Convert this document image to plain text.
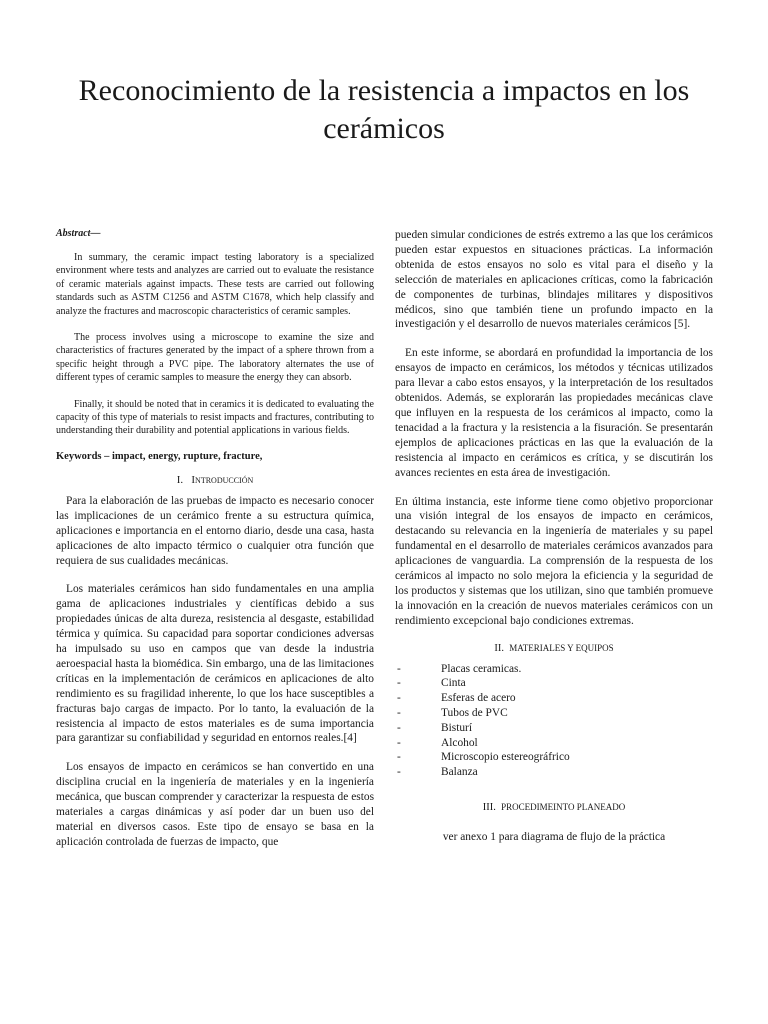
Reconocimiento de la resistencia a impactos en los cerámicos

Abstract—

In summary, the ceramic impact testing laboratory is a specialized environment where tests and analyzes are carried out to evaluate the resistance of ceramic materials against impacts. These tests are carried out following standards such as ASTM C1256 and ASTM C1678, which help classify and analyze the fractures and macroscopic characteristics of ceramic samples.

The process involves using a microscope to examine the size and characteristics of fractures generated by the impact of a sphere thrown from a specific height through a PVC pipe. The laboratory alternates the use of different types of ceramic samples to measure the energy they can absorb.

Finally, it should be noted that in ceramics it is dedicated to evaluating the capacity of this type of materials to resist impacts and fractures, contributing to understanding their durability and potential applications in various fields.

Keywords – impact, energy, rupture, fracture,

I. Introducción

Para la elaboración de las pruebas de impacto es necesario conocer las implicaciones de un cerámico frente a su estructura química, aplicaciones e importancia en el entorno diario, desde una casa, hasta aplicaciones de alto impacto térmico o cualquier otra función que requiera de sus cualidades mecánicas.

Los materiales cerámicos han sido fundamentales en una amplia gama de aplicaciones industriales y científicas debido a sus propiedades únicas de alta dureza, resistencia al desgaste, estabilidad térmica y química. Su capacidad para soportar condiciones adversas ha impulsado su uso en campos que van desde la industria aeroespacial hasta la biomédica. Sin embargo, una de las limitaciones críticas en la implementación de cerámicos en aplicaciones de alto rendimiento es su fragilidad inherente, lo que los hace susceptibles a fracturas bajo cargas de impacto. Por lo tanto, la evaluación de la resistencia al impacto de estos materiales es de suma importancia para garantizar su confiabilidad y seguridad en entornos reales.[4]

Los ensayos de impacto en cerámicos se han convertido en una disciplina crucial en la ingeniería de materiales y en la ingeniería mecánica, que buscan comprender y caracterizar la respuesta de estos materiales a cargas dinámicas y así poder dar un buen uso del material en diversos casos. Este tipo de ensayo se basa en la aplicación controlada de fuerzas de impacto, que

pueden simular condiciones de estrés extremo a las que los cerámicos pueden estar expuestos en situaciones prácticas. La información obtenida de estos ensayos no solo es vital para el diseño y la selección de materiales en aplicaciones críticas, como la fabricación de componentes de turbinas, blindajes militares y dispositivos médicos, sino que también tiene un profundo impacto en la investigación y el desarrollo de nuevos materiales cerámicos [5].

En este informe, se abordará en profundidad la importancia de los ensayos de impacto en cerámicos, los métodos y técnicas utilizados para llevar a cabo estos ensayos, y la interpretación de los resultados obtenidos. Además, se explorarán las propiedades mecánicas clave que influyen en la respuesta de los cerámicos al impacto, como la tenacidad a la fractura y la resistencia a la fisuración. Se presentarán ejemplos de aplicaciones prácticas en las que la evaluación de la resistencia al impacto en cerámicos es crítica, y se discutirán los avances recientes en esta área de investigación.

En última instancia, este informe tiene como objetivo proporcionar una visión integral de los ensayos de impacto en cerámicos, destacando su relevancia en la ingeniería de materiales y su papel fundamental en el desarrollo de materiales cerámicos avanzados para aplicaciones de vanguardia. La comprensión de la respuesta de los cerámicos al impacto no solo mejora la eficiencia y la seguridad de los productos y sistemas que los utilizan, sino que también promueve la innovación en la creación de nuevos materiales cerámicos con un rendimiento excepcional bajo condiciones extremas.

II. MATERIALES Y EQUIPOS
-	Placas ceramicas.
-	Cinta
-	Esferas de acero
-	Tubos de PVC
-	Bisturí
-	Alcohol
-	Microscopio estereográfrico
-	Balanza
III. PROCEDIMEINTO PLANEADO

ver anexo 1 para diagrama de flujo de la práctica
